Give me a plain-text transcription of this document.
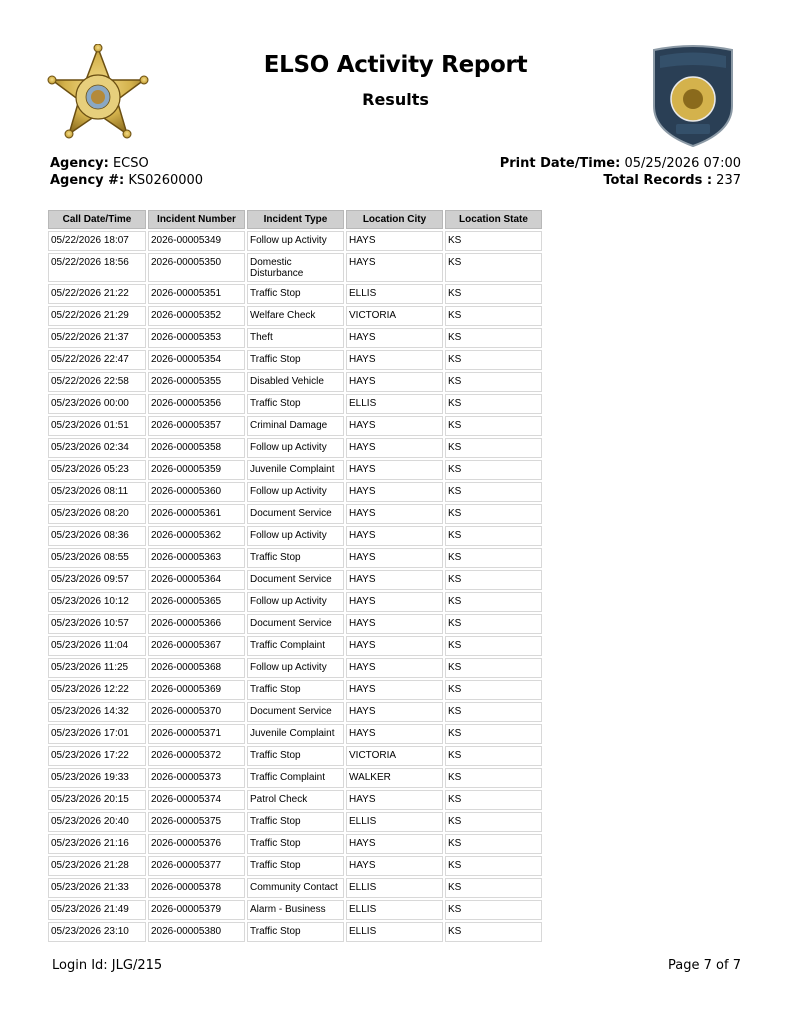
ELSO Activity Report
Results
Agency: ECSO
Agency #: KS0260000
Print Date/Time: 05/25/2026 07:00
Total Records : 237
Call Date/Time	Incident Number	Incident Type	Location City	Location State
05/22/2026 18:07	2026-00005349	Follow up Activity	HAYS	KS
05/22/2026 18:56	2026-00005350	Domestic Disturbance	HAYS	KS
05/22/2026 21:22	2026-00005351	Traffic Stop	ELLIS	KS
05/22/2026 21:29	2026-00005352	Welfare Check	VICTORIA	KS
05/22/2026 21:37	2026-00005353	Theft	HAYS	KS
05/22/2026 22:47	2026-00005354	Traffic Stop	HAYS	KS
05/22/2026 22:58	2026-00005355	Disabled Vehicle	HAYS	KS
05/23/2026 00:00	2026-00005356	Traffic Stop	ELLIS	KS
05/23/2026 01:51	2026-00005357	Criminal Damage	HAYS	KS
05/23/2026 02:34	2026-00005358	Follow up Activity	HAYS	KS
05/23/2026 05:23	2026-00005359	Juvenile Complaint	HAYS	KS
05/23/2026 08:11	2026-00005360	Follow up Activity	HAYS	KS
05/23/2026 08:20	2026-00005361	Document Service	HAYS	KS
05/23/2026 08:36	2026-00005362	Follow up Activity	HAYS	KS
05/23/2026 08:55	2026-00005363	Traffic Stop	HAYS	KS
05/23/2026 09:57	2026-00005364	Document Service	HAYS	KS
05/23/2026 10:12	2026-00005365	Follow up Activity	HAYS	KS
05/23/2026 10:57	2026-00005366	Document Service	HAYS	KS
05/23/2026 11:04	2026-00005367	Traffic Complaint	HAYS	KS
05/23/2026 11:25	2026-00005368	Follow up Activity	HAYS	KS
05/23/2026 12:22	2026-00005369	Traffic Stop	HAYS	KS
05/23/2026 14:32	2026-00005370	Document Service	HAYS	KS
05/23/2026 17:01	2026-00005371	Juvenile Complaint	HAYS	KS
05/23/2026 17:22	2026-00005372	Traffic Stop	VICTORIA	KS
05/23/2026 19:33	2026-00005373	Traffic Complaint	WALKER	KS
05/23/2026 20:15	2026-00005374	Patrol Check	HAYS	KS
05/23/2026 20:40	2026-00005375	Traffic Stop	ELLIS	KS
05/23/2026 21:16	2026-00005376	Traffic Stop	HAYS	KS
05/23/2026 21:28	2026-00005377	Traffic Stop	HAYS	KS
05/23/2026 21:33	2026-00005378	Community Contact	ELLIS	KS
05/23/2026 21:49	2026-00005379	Alarm - Business	ELLIS	KS
05/23/2026 23:10	2026-00005380	Traffic Stop	ELLIS	KS
Login Id: JLG/215	Page 7 of 7
